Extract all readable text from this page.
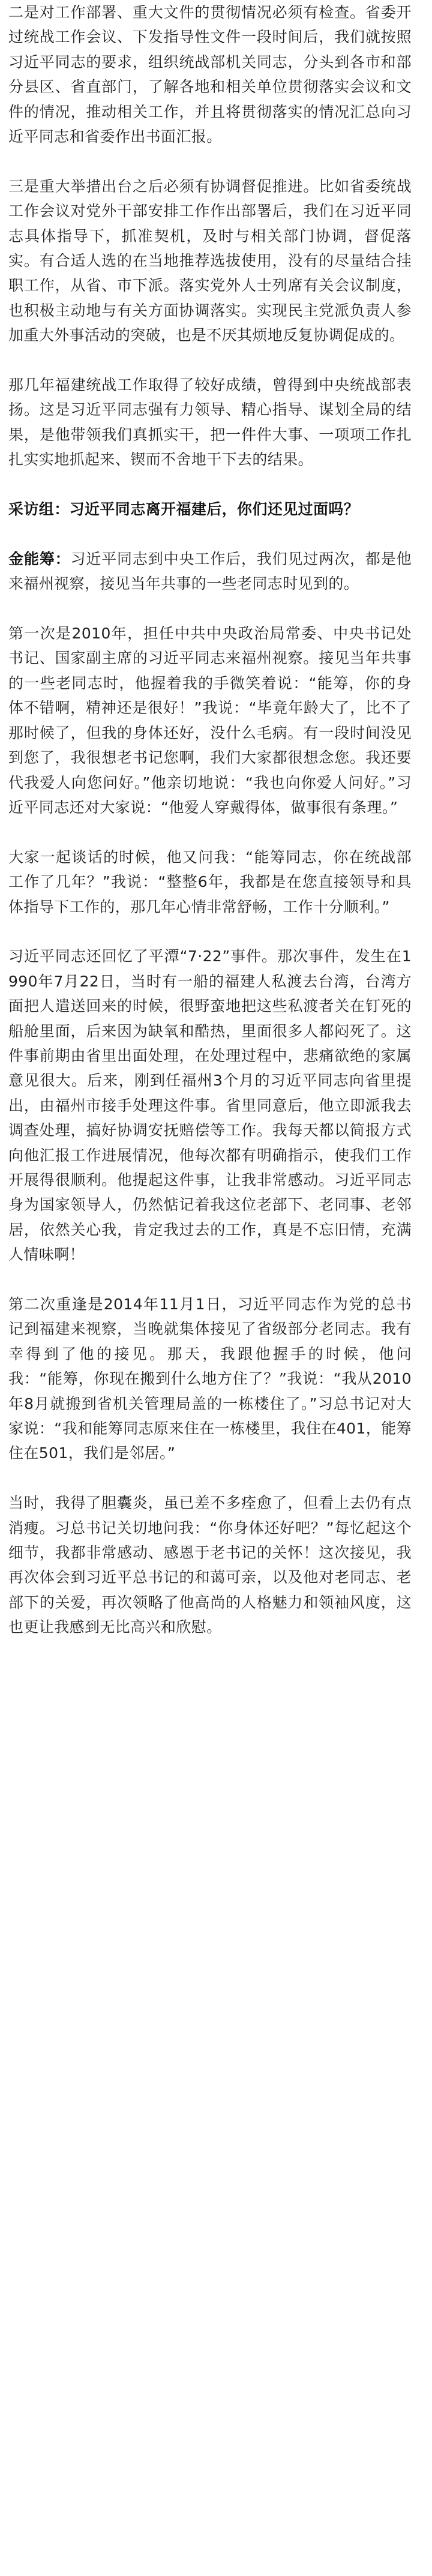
二是对工作部署、重大文件的贯彻情况必须有检查。省委开过统战工作会议、下发指导性文件一段时间后，我们就按照习近平同志的要求，组织统战部机关同志，分头到各市和部分县区、省直部门，了解各地和相关单位贯彻落实会议和文件的情况，推动相关工作，并且将贯彻落实的情况汇总向习近平同志和省委作出书面汇报。

三是重大举措出台之后必须有协调督促推进。比如省委统战工作会议对党外干部安排工作作出部署后，我们在习近平同志具体指导下，抓准契机，及时与相关部门协调，督促落实。有合适人选的在当地推荐选拔使用，没有的尽量结合挂职工作，从省、市下派。落实党外人士列席有关会议制度，也积极主动地与有关方面协调落实。实现民主党派负责人参加重大外事活动的突破，也是不厌其烦地反复协调促成的。

那几年福建统战工作取得了较好成绩，曾得到中央统战部表扬。这是习近平同志强有力领导、精心指导、谋划全局的结果，是他带领我们真抓实干，把一件件大事、一项项工作扎扎实实地抓起来、锲而不舍地干下去的结果。

采访组：习近平同志离开福建后，你们还见过面吗？

金能筹：习近平同志到中央工作后，我们见过两次，都是他来福州视察，接见当年共事的一些老同志时见到的。

第一次是2010年，担任中共中央政治局常委、中央书记处书记、国家副主席的习近平同志来福州视察。接见当年共事的一些老同志时，他握着我的手微笑着说：“能筹，你的身体不错啊，精神还是很好！”我说：“毕竟年龄大了，比不了那时候了，但我的身体还好，没什么毛病。有一段时间没见到您了，我很想老书记您啊，我们大家都很想念您。我还要代我爱人向您问好。”他亲切地说：“我也向你爱人问好。”习近平同志还对大家说：“他爱人穿戴得体，做事很有条理。”

大家一起谈话的时候，他又问我：“能筹同志，你在统战部工作了几年？”我说：“整整6年，我都是在您直接领导和具体指导下工作的，那几年心情非常舒畅，工作十分顺利。”

习近平同志还回忆了平潭“7·22”事件。那次事件，发生在1990年7月22日，当时有一船的福建人私渡去台湾，台湾方面把人遣送回来的时候，很野蛮地把这些私渡者关在钉死的船舱里面，后来因为缺氧和酷热，里面很多人都闷死了。这件事前期由省里出面处理，在处理过程中，悲痛欲绝的家属意见很大。后来，刚到任福州3个月的习近平同志向省里提出，由福州市接手处理这件事。省里同意后，他立即派我去调查处理，搞好协调安抚赔偿等工作。我每天都以简报方式向他汇报工作进展情况，他每次都有明确指示，使我们工作开展得很顺利。他提起这件事，让我非常感动。习近平同志身为国家领导人，仍然惦记着我这位老部下、老同事、老邻居，依然关心我，肯定我过去的工作，真是不忘旧情，充满人情味啊！

第二次重逢是2014年11月1日，习近平同志作为党的总书记到福建来视察，当晚就集体接见了省级部分老同志。我有幸得到了他的接见。那天，我跟他握手的时候，他问我：“能筹，你现在搬到什么地方住了？”我说：“我从2010年8月就搬到省机关管理局盖的一栋楼住了。”习总书记对大家说：“我和能筹同志原来住在一栋楼里，我住在401，能筹住在501，我们是邻居。”

当时，我得了胆囊炎，虽已差不多痊愈了，但看上去仍有点消瘦。习总书记关切地问我：“你身体还好吧？”每忆起这个细节，我都非常感动、感恩于老书记的关怀！这次接见，我再次体会到习近平总书记的和蔼可亲，以及他对老同志、老部下的关爱，再次领略了他高尚的人格魅力和领袖风度，这也更让我感到无比高兴和欣慰。
